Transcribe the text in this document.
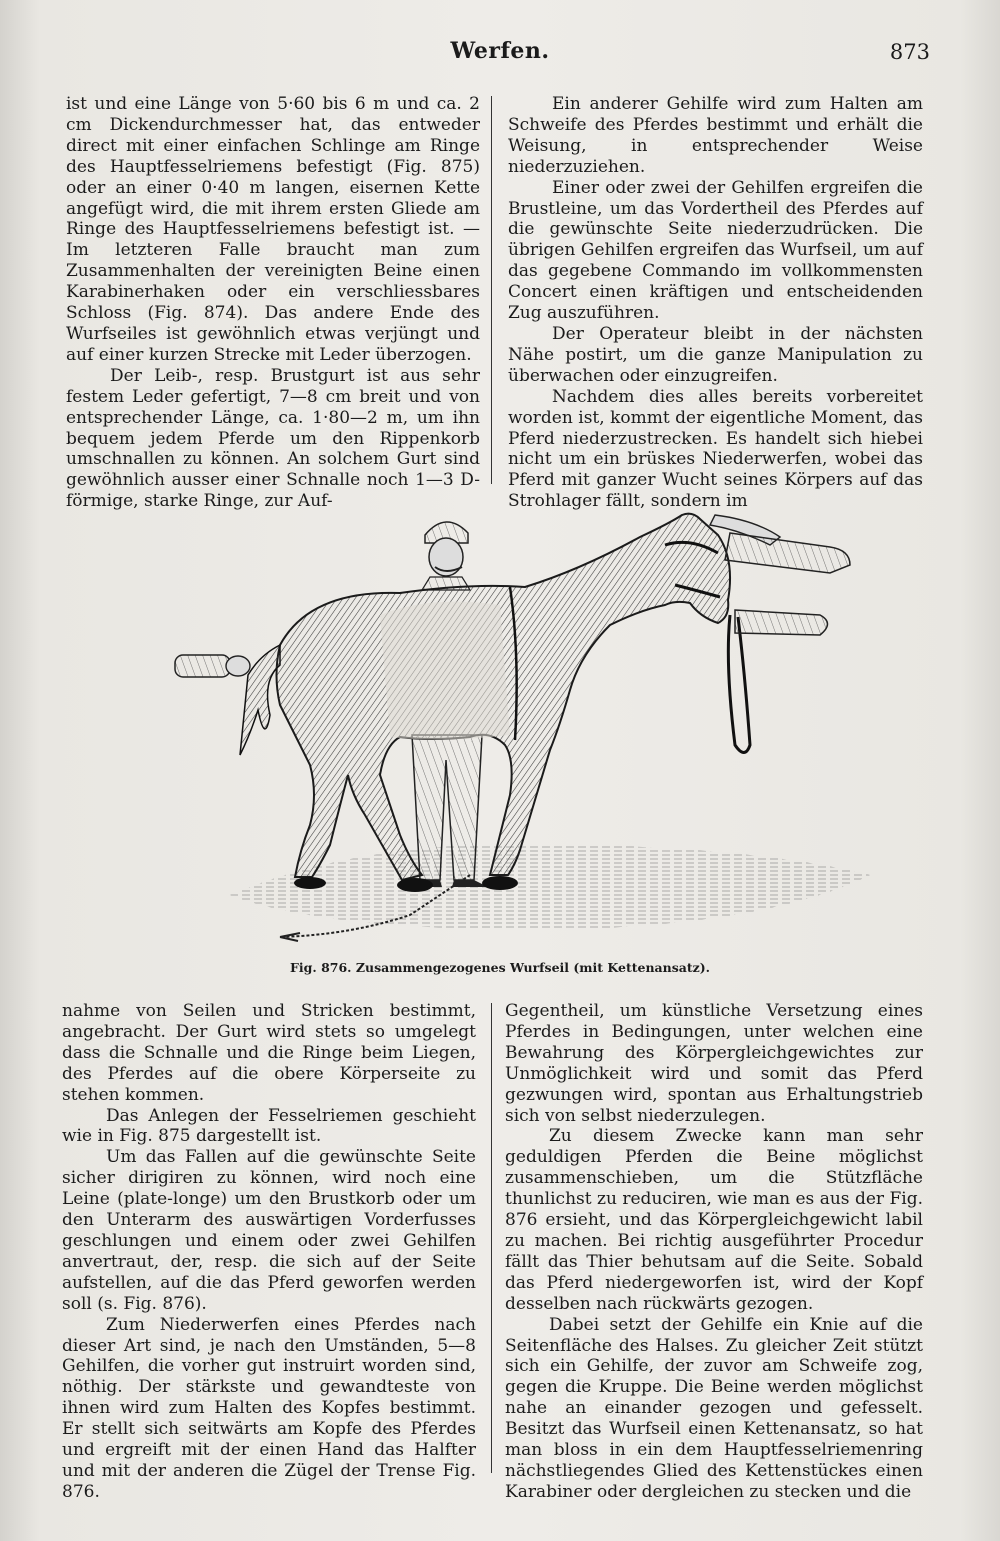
Werfen.	873

ist und eine Länge von 5·60 bis 6 m und ca. 2 cm Dickendurchmesser hat, das entweder direct mit einer einfachen Schlinge am Ringe des Hauptfesselriemens befestigt (Fig. 875) oder an einer 0·40 m langen, eisernen Kette angefügt wird, die mit ihrem ersten Gliede am Ringe des Hauptfesselriemens befestigt ist. — Im letzteren Falle braucht man zum Zusammenhalten der vereinigten Beine einen Karabinerhaken oder ein verschliessbares Schloss (Fig. 874). Das andere Ende des Wurfseiles ist gewöhnlich etwas verjüngt und auf einer kurzen Strecke mit Leder überzogen.

Der Leib-, resp. Brustgurt ist aus sehr festem Leder gefertigt, 7—8 cm breit und von entsprechender Länge, ca. 1·80—2 m, um ihn bequem jedem Pferde um den Rippenkorb umschnallen zu können. An solchem Gurt sind gewöhnlich ausser einer Schnalle noch 1—3 D-förmige, starke Ringe, zur Auf-

Ein anderer Gehilfe wird zum Halten am Schweife des Pferdes bestimmt und erhält die Weisung, in entsprechender Weise niederzuziehen.

Einer oder zwei der Gehilfen ergreifen die Brustleine, um das Vordertheil des Pferdes auf die gewünschte Seite niederzudrücken. Die übrigen Gehilfen ergreifen das Wurfseil, um auf das gegebene Commando im vollkommensten Concert einen kräftigen und entscheidenden Zug auszuführen.

Der Operateur bleibt in der nächsten Nähe postirt, um die ganze Manipulation zu überwachen oder einzugreifen.

Nachdem dies alles bereits vorbereitet worden ist, kommt der eigentliche Moment, das Pferd niederzustrecken. Es handelt sich hiebei nicht um ein brüskes Niederwerfen, wobei das Pferd mit ganzer Wucht seines Körpers auf das Strohlager fällt, sondern im

Fig. 876. Zusammengezogenes Wurfseil (mit Kettenansatz).

nahme von Seilen und Stricken bestimmt, angebracht. Der Gurt wird stets so umgelegt dass die Schnalle und die Ringe beim Liegen, des Pferdes auf die obere Körperseite zu stehen kommen.

Das Anlegen der Fesselriemen geschieht wie in Fig. 875 dargestellt ist.

Um das Fallen auf die gewünschte Seite sicher dirigiren zu können, wird noch eine Leine (plate-longe) um den Brustkorb oder um den Unterarm des auswärtigen Vorderfusses geschlungen und einem oder zwei Gehilfen anvertraut, der, resp. die sich auf der Seite aufstellen, auf die das Pferd geworfen werden soll (s. Fig. 876).

Zum Niederwerfen eines Pferdes nach dieser Art sind, je nach den Umständen, 5—8 Gehilfen, die vorher gut instruirt worden sind, nöthig. Der stärkste und gewandteste von ihnen wird zum Halten des Kopfes bestimmt. Er stellt sich seitwärts am Kopfe des Pferdes und ergreift mit der einen Hand das Halfter und mit der anderen die Zügel der Trense Fig. 876.

Gegentheil, um künstliche Versetzung eines Pferdes in Bedingungen, unter welchen eine Bewahrung des Körpergleichgewichtes zur Unmöglichkeit wird und somit das Pferd gezwungen wird, spontan aus Erhaltungstrieb sich von selbst niederzulegen.

Zu diesem Zwecke kann man sehr geduldigen Pferden die Beine möglichst zusammenschieben, um die Stützfläche thunlichst zu reduciren, wie man es aus der Fig. 876 ersieht, und das Körpergleichgewicht labil zu machen. Bei richtig ausgeführter Procedur fällt das Thier behutsam auf die Seite. Sobald das Pferd niedergeworfen ist, wird der Kopf desselben nach rückwärts gezogen.

Dabei setzt der Gehilfe ein Knie auf die Seitenfläche des Halses. Zu gleicher Zeit stützt sich ein Gehilfe, der zuvor am Schweife zog, gegen die Kruppe. Die Beine werden möglichst nahe an einander gezogen und gefesselt. Besitzt das Wurfseil einen Kettenansatz, so hat man bloss in ein dem Hauptfesselriemenring nächstliegendes Glied des Kettenstückes einen Karabiner oder dergleichen zu stecken und die
